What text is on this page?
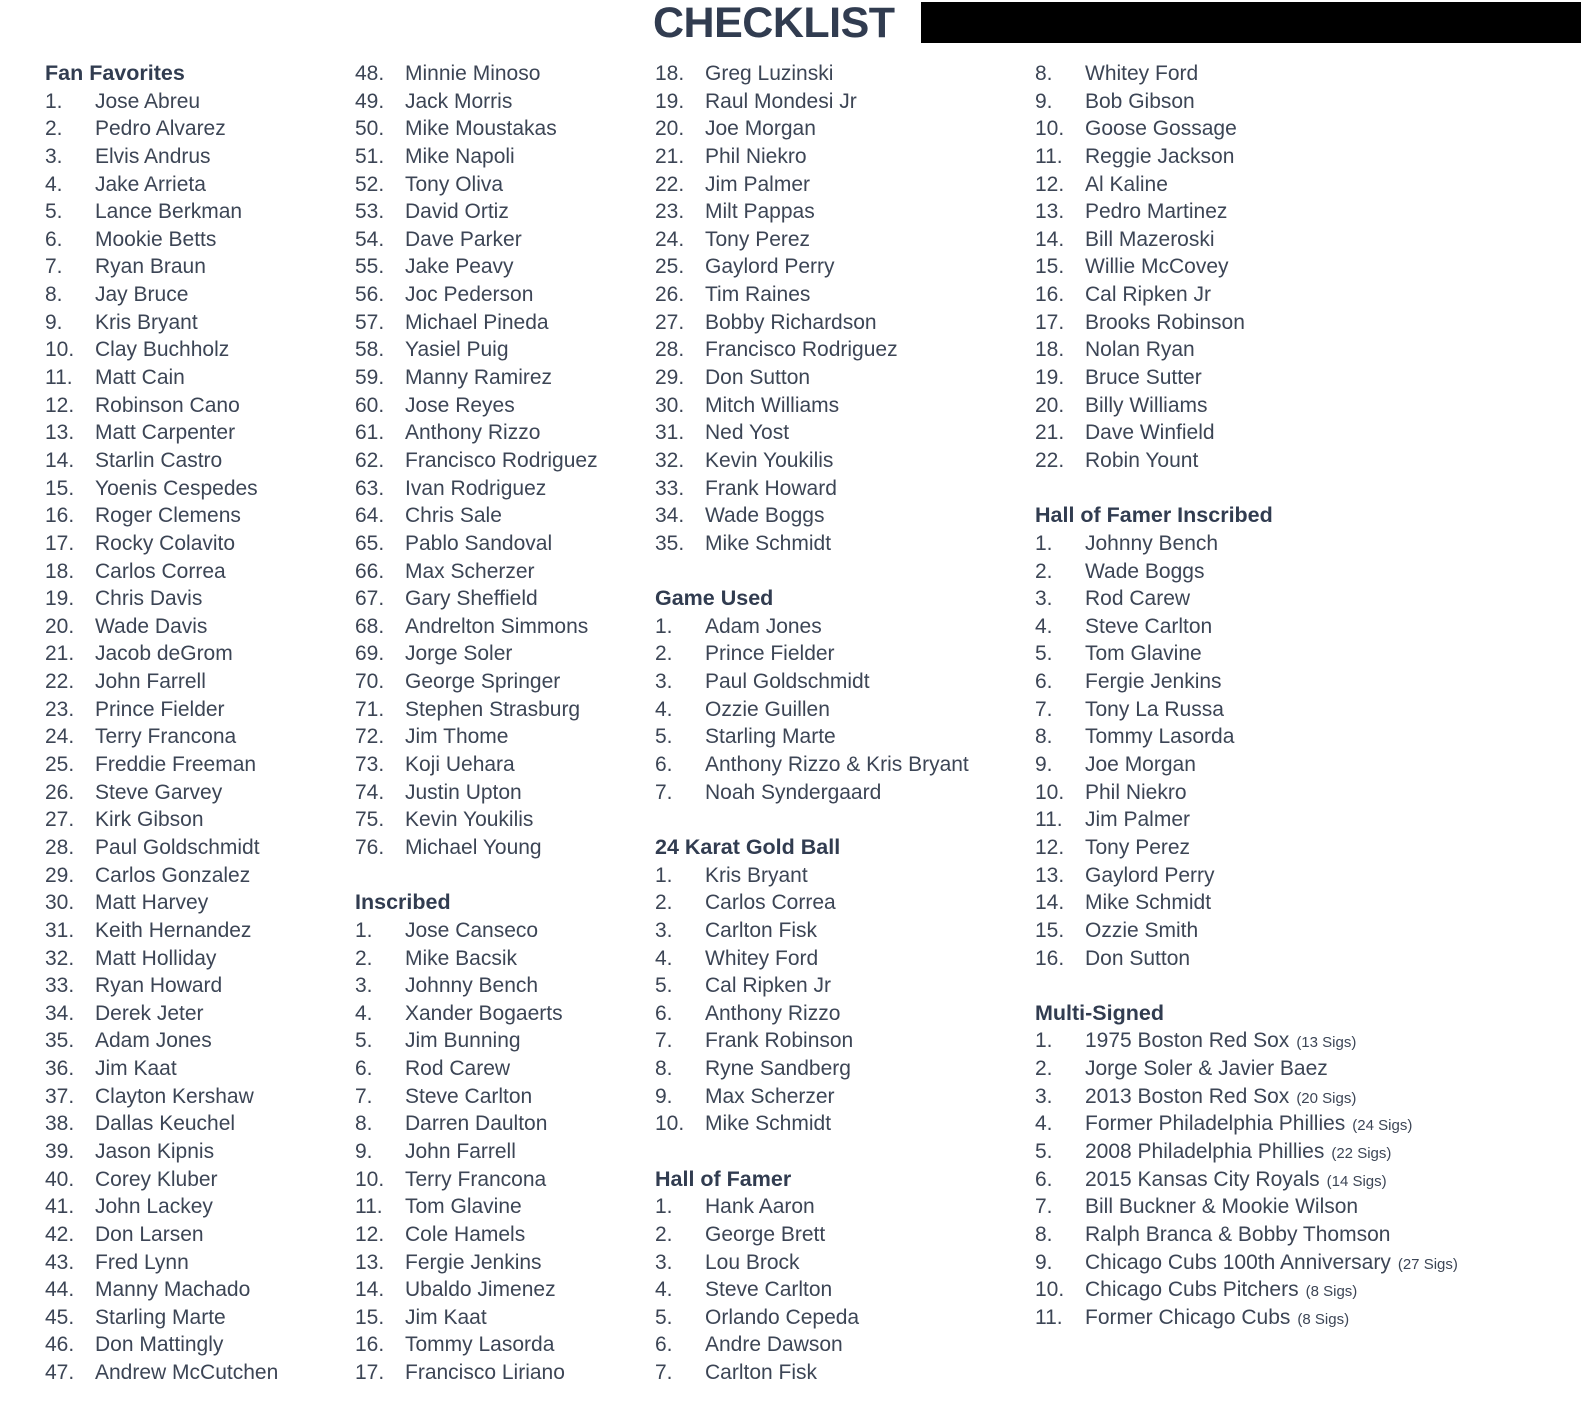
CHECKLIST
Fan Favorites
1.	Jose Abreu
2.	Pedro Alvarez
3.	Elvis Andrus
4.	Jake Arrieta
5.	Lance Berkman
6.	Mookie Betts
7.	Ryan Braun
8.	Jay Bruce
9.	Kris Bryant
10. Clay Buchholz
11.	Matt Cain
12. Robinson Cano
13. Matt Carpenter
14. Starlin Castro
15. Yoenis Cespedes
16. Roger Clemens
17. Rocky Colavito
18. Carlos Correa
19. Chris Davis
20. Wade Davis
21. Jacob deGrom
22. John Farrell
23. Prince Fielder
24. Terry Francona
25. Freddie Freeman
26. Steve Garvey
27. Kirk Gibson
28. Paul Goldschmidt
29. Carlos Gonzalez
30. Matt Harvey
31. Keith Hernandez
32. Matt Holliday
33. Ryan Howard
34. Derek Jeter
35. Adam Jones
36. Jim Kaat
37. Clayton Kershaw
38. Dallas Keuchel
39. Jason Kipnis
40. Corey Kluber
41. John Lackey
42. Don Larsen
43. Fred Lynn
44. Manny Machado
45. Starling Marte
46. Don Mattingly
47. Andrew McCutchen
48. Minnie Minoso
49. Jack Morris
50. Mike Moustakas
51. Mike Napoli
52. Tony Oliva
53. David Ortiz
54. Dave Parker
55. Jake Peavy
56. Joc Pederson
57. Michael Pineda
58. Yasiel Puig
59. Manny Ramirez
60. Jose Reyes
61. Anthony Rizzo
62. Francisco Rodriguez
63. Ivan Rodriguez
64. Chris Sale
65. Pablo Sandoval
66. Max Scherzer
67. Gary Sheffield
68. Andrelton Simmons
69. Jorge Soler
70. George Springer
71. Stephen Strasburg
72. Jim Thome
73. Koji Uehara
74. Justin Upton
75. Kevin Youkilis
76. Michael Young
Inscribed
1.	Jose Canseco
2.	Mike Bacsik
3.	Johnny Bench
4.	Xander Bogaerts
5.	Jim Bunning
6.	Rod Carew
7.	Steve Carlton
8.	Darren Daulton
9.	John Farrell
10. Terry Francona
11.	Tom Glavine
12. Cole Hamels
13. Fergie Jenkins
14. Ubaldo Jimenez
15. Jim Kaat
16. Tommy Lasorda
17. Francisco Liriano
18. Greg Luzinski
19. Raul Mondesi Jr
20. Joe Morgan
21. Phil Niekro
22. Jim Palmer
23. Milt Pappas
24. Tony Perez
25. Gaylord Perry
26. Tim Raines
27. Bobby Richardson
28. Francisco Rodriguez
29. Don Sutton
30. Mitch Williams
31. Ned Yost
32. Kevin Youkilis
33. Frank Howard
34. Wade Boggs
35. Mike Schmidt
Game Used
1.	Adam Jones
2.	Prince Fielder
3.	Paul Goldschmidt
4.	Ozzie Guillen
5.	Starling Marte
6.	Anthony Rizzo & Kris Bryant
7.	Noah Syndergaard
24 Karat Gold Ball
1.	Kris Bryant
2.	Carlos Correa
3.	Carlton Fisk
4.	Whitey Ford
5.	Cal Ripken Jr
6.	Anthony Rizzo
7.	Frank Robinson
8.	Ryne Sandberg
9.	Max Scherzer
10. Mike Schmidt
Hall of Famer
1.	Hank Aaron
2.	George Brett
3.	Lou Brock
4.	Steve Carlton
5.	Orlando Cepeda
6.	Andre Dawson
7.	Carlton Fisk
8.	Whitey Ford
9.	Bob Gibson
10. Goose Gossage
11.	Reggie Jackson
12. Al Kaline
13. Pedro Martinez
14. Bill Mazeroski
15. Willie McCovey
16. Cal Ripken Jr
17. Brooks Robinson
18. Nolan Ryan
19. Bruce Sutter
20. Billy Williams
21. Dave Winfield
22. Robin Yount
Hall of Famer Inscribed
1.	Johnny Bench
2.	Wade Boggs
3.	Rod Carew
4.	Steve Carlton
5.	Tom Glavine
6.	Fergie Jenkins
7.	Tony La Russa
8.	Tommy Lasorda
9.	Joe Morgan
10. Phil Niekro
11.	Jim Palmer
12. Tony Perez
13. Gaylord Perry
14. Mike Schmidt
15. Ozzie Smith
16. Don Sutton
Multi-Signed
1.	1975 Boston Red Sox (13 Sigs)
2.	Jorge Soler & Javier Baez
3.	2013 Boston Red Sox (20 Sigs)
4.	Former Philadelphia Phillies (24 Sigs)
5.	2008 Philadelphia Phillies (22 Sigs)
6.	2015 Kansas City Royals (14 Sigs)
7.	Bill Buckner & Mookie Wilson
8.	Ralph Branca & Bobby Thomson
9.	Chicago Cubs 100th Anniversary (27 Sigs)
10. Chicago Cubs Pitchers (8 Sigs)
11.	Former Chicago Cubs (8 Sigs)
